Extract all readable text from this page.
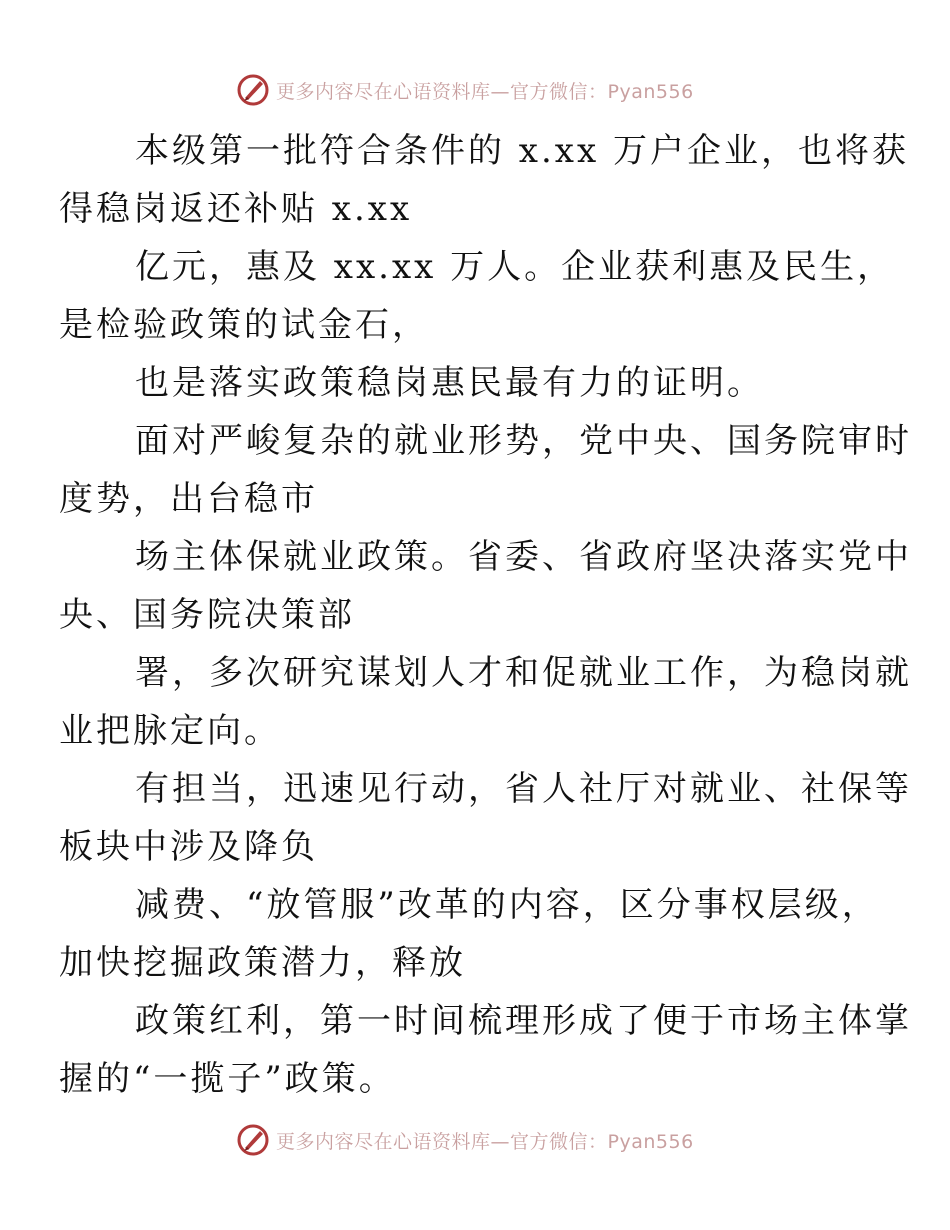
更多内容尽在心语资料库—官方微信：Pyan556

本级第一批符合条件的 x.xx 万户企业，也将获
得稳岗返还补贴 x.xx

亿元，惠及 xx.xx 万人。企业获利惠及民生，
是检验政策的试金石，

也是落实政策稳岗惠民最有力的证明。

面对严峻复杂的就业形势，党中央、国务院审时
度势，出台稳市

场主体保就业政策。省委、省政府坚决落实党中
央、国务院决策部

署，多次研究谋划人才和促就业工作，为稳岗就
业把脉定向。

有担当，迅速见行动，省人社厅对就业、社保等
板块中涉及降负

减费、“放管服”改革的内容，区分事权层级，
加快挖掘政策潜力，释放

政策红利，第一时间梳理形成了便于市场主体掌
握的“一揽子”政策。

更多内容尽在心语资料库—官方微信：Pyan556
